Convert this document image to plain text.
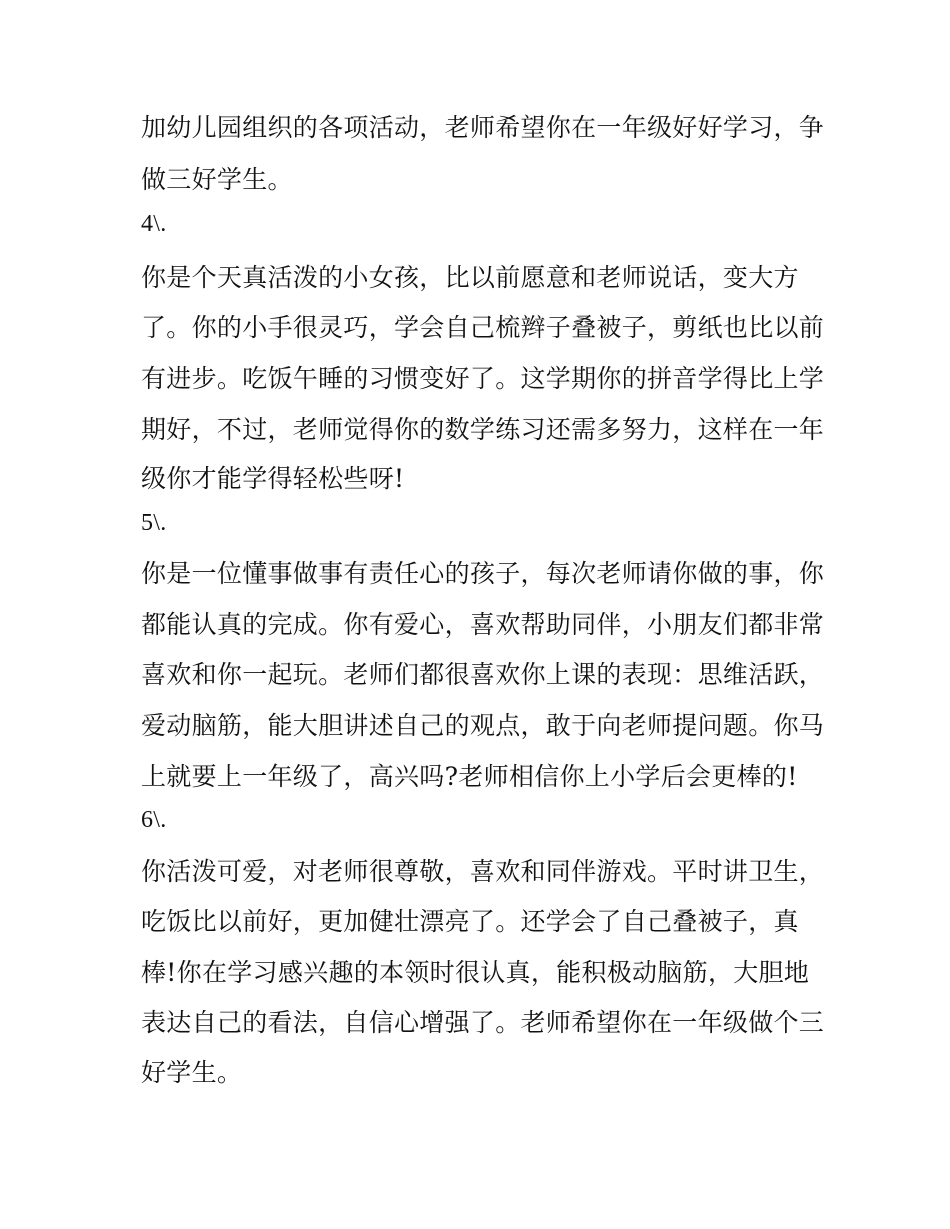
加幼儿园组织的各项活动，老师希望你在一年级好好学习，争
做三好学生。
4\.
你是个天真活泼的小女孩，比以前愿意和老师说话，变大方
了。你的小手很灵巧，学会自己梳辫子叠被子，剪纸也比以前
有进步。吃饭午睡的习惯变好了。这学期你的拼音学得比上学
期好，不过，老师觉得你的数学练习还需多努力，这样在一年
级你才能学得轻松些呀!
5\.
你是一位懂事做事有责任心的孩子，每次老师请你做的事，你
都能认真的完成。你有爱心，喜欢帮助同伴，小朋友们都非常
喜欢和你一起玩。老师们都很喜欢你上课的表现：思维活跃，
爱动脑筋，能大胆讲述自己的观点，敢于向老师提问题。你马
上就要上一年级了，高兴吗?老师相信你上小学后会更棒的!
6\.
你活泼可爱，对老师很尊敬，喜欢和同伴游戏。平时讲卫生，
吃饭比以前好，更加健壮漂亮了。还学会了自己叠被子，真
棒!你在学习感兴趣的本领时很认真，能积极动脑筋，大胆地
表达自己的看法，自信心增强了。老师希望你在一年级做个三
好学生。
